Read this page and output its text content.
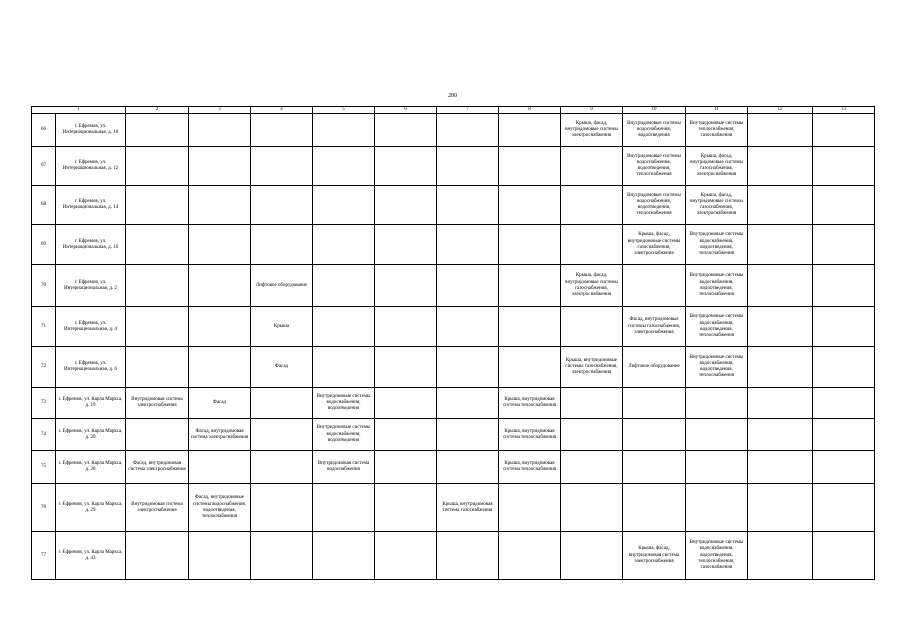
200
1		2	3	4	5	6	7	8	9	10	11	12	13
66	г. Ефремов, ул. Интернациональная, д. 10								Крыша, фасад, внутридомовые системы электроснабжения	Внутридомовые системы водоснабжения, водоотведения	Внутридомовые системы теплоснабжения, газоснабжения		
67	г. Ефремов, ул. Интернациональная, д. 12									Внутридомовые системы водоснабжения, водоотведения, теплоснабжения	Крыша, фасад, внутридомовые системы газоснабжения, электроснабжения		
68	г. Ефремов, ул. Интернациональная, д. 14									Внутридомовые системы водоснабжения, водоотведения, теплоснабжения	Крыша, фасад, внутридомовые системы газоснабжения, электроснабжения		
69	г. Ефремов, ул. Интернациональная, д. 16									Крыша, фасад, внутридомовые системы газоснабжения, электроснабжения	Внутридомовые системы водоснабжения, водоотведения, теплоснабжения		
70	г. Ефремов, ул. Интернациональная, д. 2			Лифтовое оборудование					Крыша, фасад, внутридомовые системы газоснабжения, электроснабжения		Внутридомовые системы водоснабжения, водоотведения, теплоснабжения		
71	г. Ефремов, ул. Интернациональная, д. 4			Крыша						Фасад, внутридомовые системы газоснабжения, электроснабжения	Внутридомовые системы водоснабжения, водоотведения, теплоснабжения		
72	г. Ефремов, ул. Интернациональная, д. 6			Фасад					Крыша, внутридомовые системы газоснабжения, электроснабжения	Лифтовое оборудование	Внутридомовые системы водоснабжения, водоотведения, теплоснабжения		
73	г. Ефремов, ул. Карла Маркса, д. 19	Внутридомовая система электроснабжения	Фасад		Внутридомовые системы водоснабжения, водоотведения			Крыша, внутридомовая система теплоснабжения					
74	г. Ефремов, ул. Карла Маркса, д. 20		Фасад, внутридомовая система электроснабжения		Внутридомовые системы водоснабжения, водоотведения			Крыша, внутридомовая система теплоснабжения					
75	г. Ефремов, ул. Карла Маркса, д. 28	Фасад, внутридомовая система электроснабжения			Внутридомовая система водоснабжения			Крыша, внутридомовая система теплоснабжения					
76	г. Ефремов, ул. Карла Маркса, д. 29	Внутридомовая система электроснабжения	Фасад, внутридомовые системы водоснабжения, водоотведения, теплоснабжения				Крыша, внутридомовая система газоснабжения						
77	г. Ефремов, ул. Карла Маркса, д. 43									Крыша, фасад, внутридомовая система электроснабжения	Внутридомовые системы водоснабжения, водоотведения, теплоснабжения, газоснабжения		
